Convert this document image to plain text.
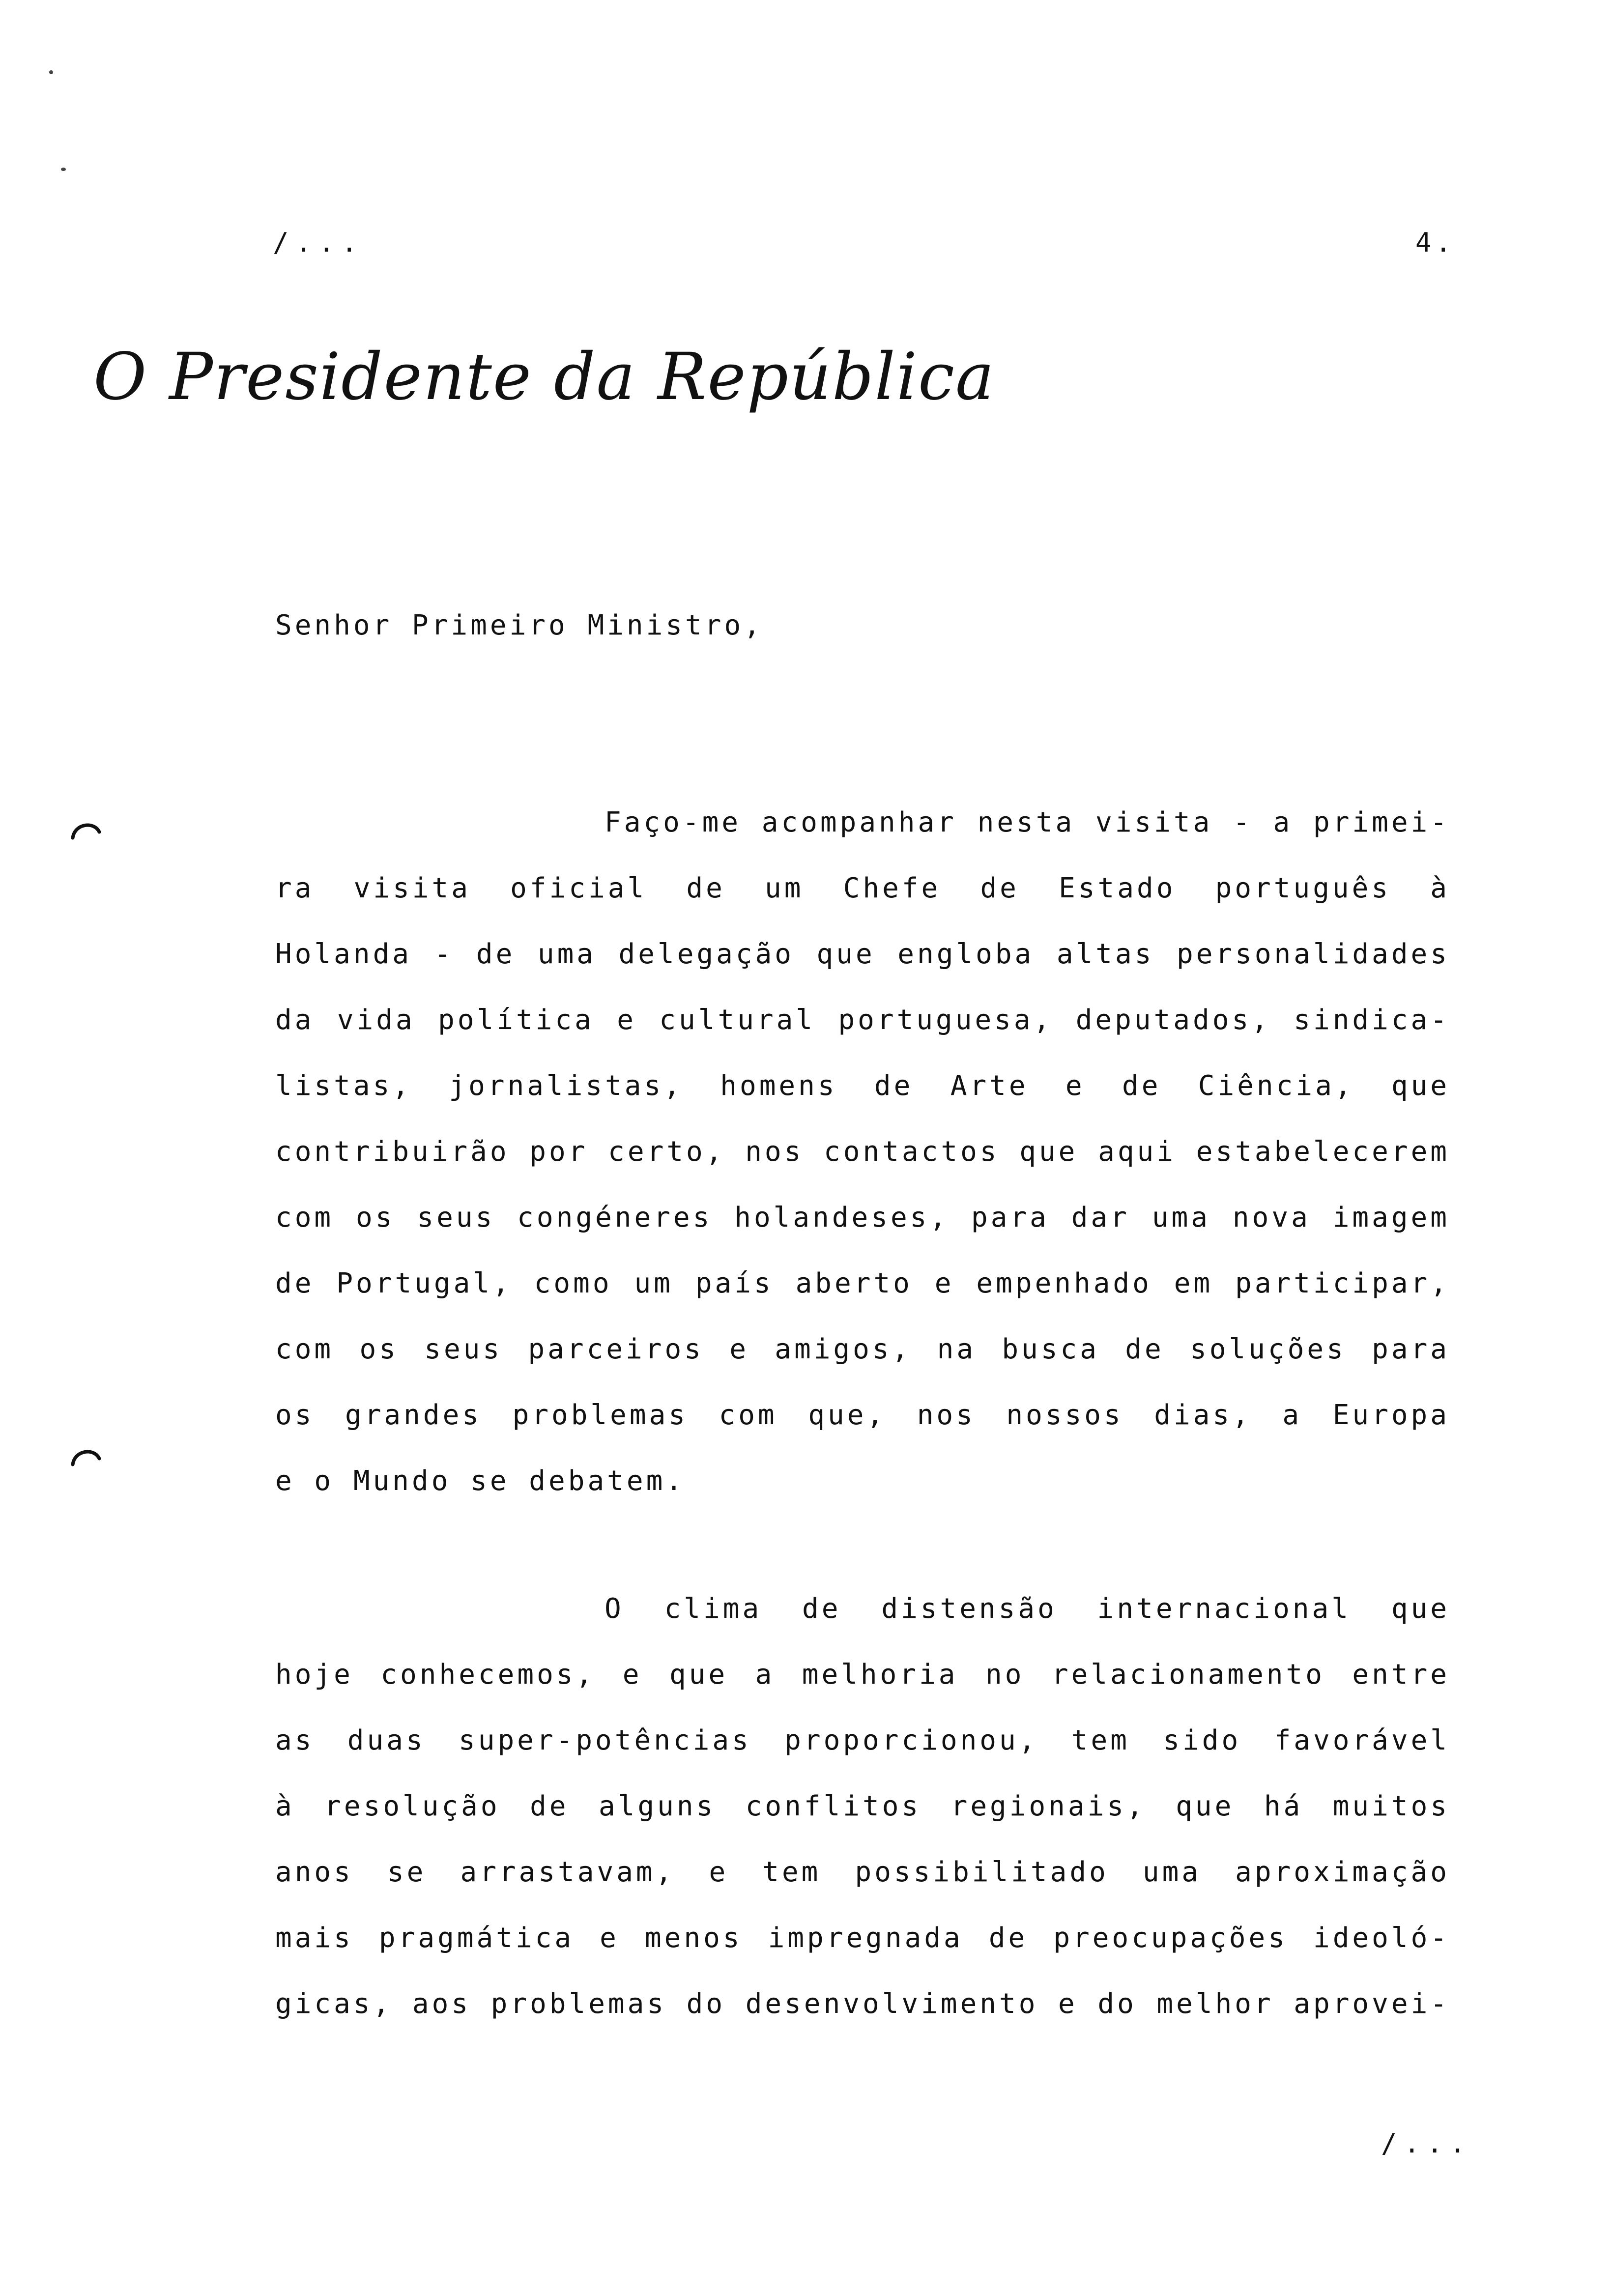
/...	4.
O Presidente da República
Senhor Primeiro Ministro,
Faço-me acompanhar nesta visita - a primei-
ra visita oficial de um Chefe de Estado português à
Holanda - de uma delegação que engloba altas personalidades
da vida política e cultural portuguesa, deputados, sindica-
listas, jornalistas, homens de Arte e de Ciência, que
contribuirão por certo, nos contactos que aqui estabelecerem
com os seus congéneres holandeses, para dar uma nova imagem
de Portugal, como um país aberto e empenhado em participar,
com os seus parceiros e amigos, na busca de soluções para
os grandes problemas com que, nos nossos dias, a Europa
e o Mundo se debatem.
O clima de distensão internacional que
hoje conhecemos, e que a melhoria no relacionamento entre
as duas super-potências proporcionou, tem sido favorável
à resolução de alguns conflitos regionais, que há muitos
anos se arrastavam, e tem possibilitado uma aproximação
mais pragmática e menos impregnada de preocupações ideoló-
gicas, aos problemas do desenvolvimento e do melhor aprovei-
/...
